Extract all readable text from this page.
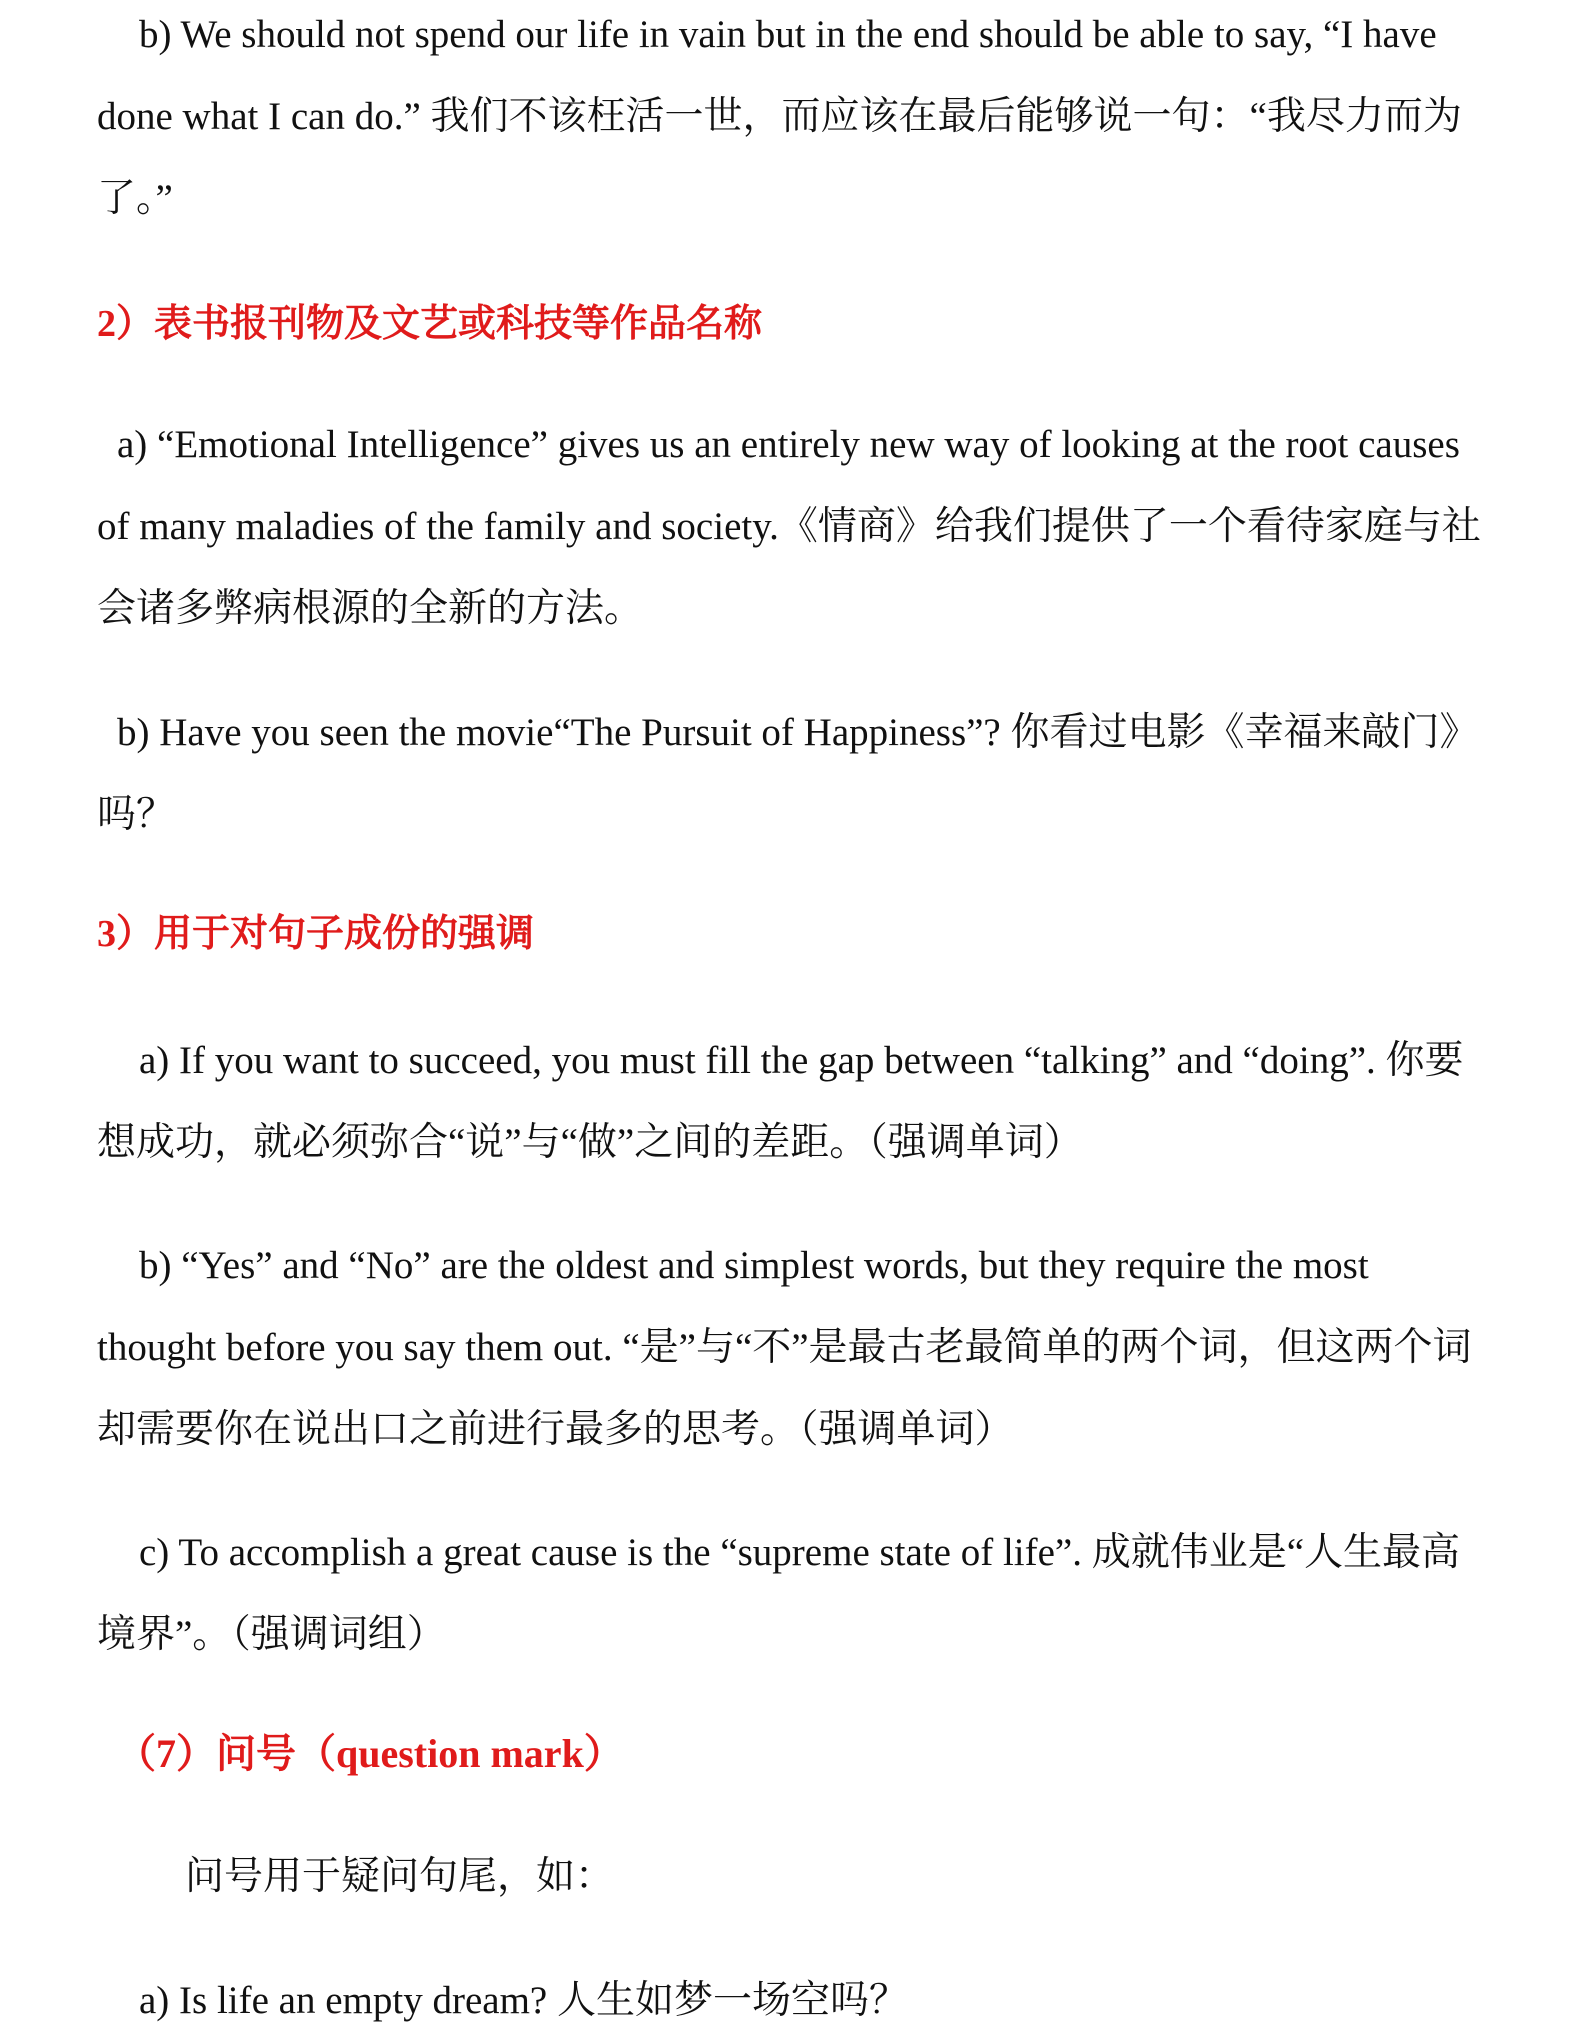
b) We should not spend our life in vain but in the end should be able to say, “I have done what I can do.” 我们不该枉活一世，而应该在最后能够说一句：“我尽力而为了。”

2）表书报刊物及文艺或科技等作品名称

a) “Emotional Intelligence” gives us an entirely new way of looking at the root causes of many maladies of the family and society.《情商》给我们提供了一个看待家庭与社会诸多弊病根源的全新的方法。

b) Have you seen the movie“The Pursuit of Happiness”? 你看过电影《幸福来敲门》吗？

3）用于对句子成份的强调

a) If you want to succeed, you must fill the gap between “talking” and “doing”. 你要想成功，就必须弥合“说”与“做”之间的差距。（强调单词）

b) “Yes” and “No” are the oldest and simplest words, but they require the most thought before you say them out. “是”与“不”是最古老最简单的两个词，但这两个词却需要你在说出口之前进行最多的思考。（强调单词）

c) To accomplish a great cause is the “supreme state of life”. 成就伟业是“人生最高境界”。（强调词组）

（7）问号（question mark）

问号用于疑问句尾，如：

a) Is life an empty dream? 人生如梦一场空吗？
